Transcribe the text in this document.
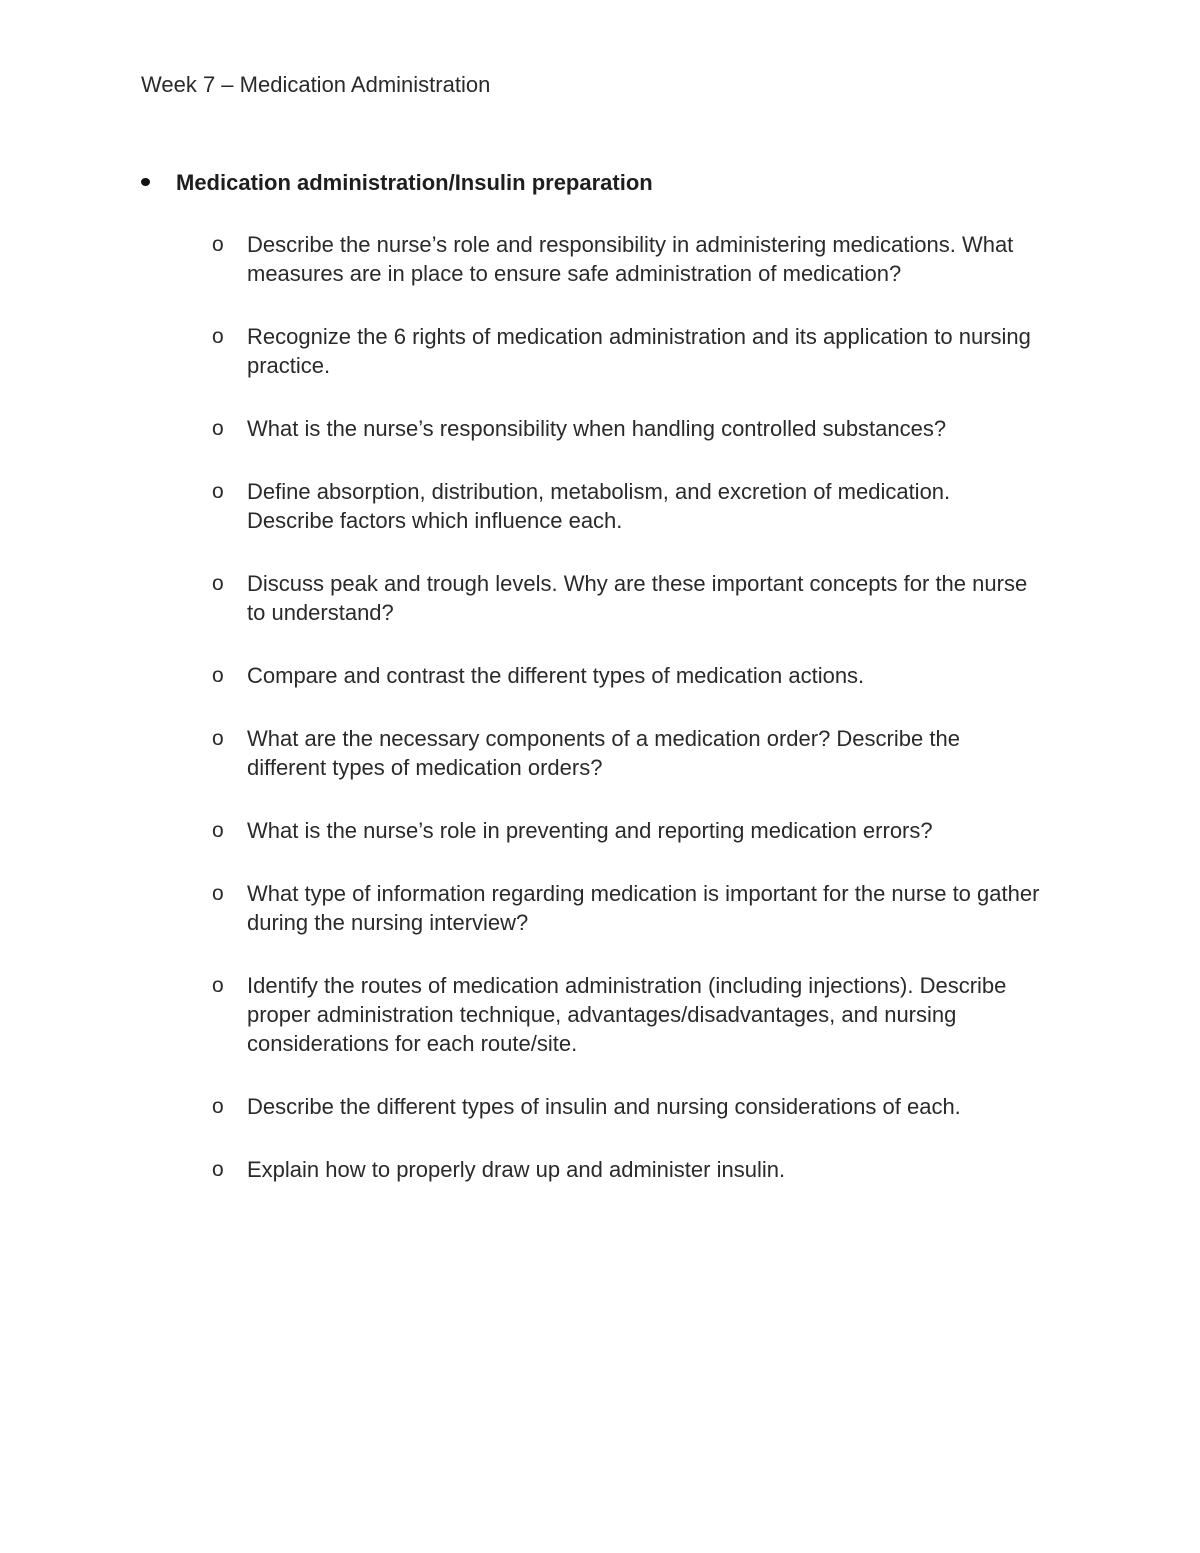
Week 7 – Medication Administration
Medication administration/Insulin preparation
o Describe the nurse’s role and responsibility in administering medications. What measures are in place to ensure safe administration of medication?
o Recognize the 6 rights of medication administration and its application to nursing practice.
o What is the nurse’s responsibility when handling controlled substances?
o Define absorption, distribution, metabolism, and excretion of medication. Describe factors which influence each.
o Discuss peak and trough levels. Why are these important concepts for the nurse to understand?
o Compare and contrast the different types of medication actions.
o What are the necessary components of a medication order? Describe the different types of medication orders?
o What is the nurse’s role in preventing and reporting medication errors?
o What type of information regarding medication is important for the nurse to gather during the nursing interview?
o Identify the routes of medication administration (including injections). Describe proper administration technique, advantages/disadvantages, and nursing considerations for each route/site.
o Describe the different types of insulin and nursing considerations of each.
o Explain how to properly draw up and administer insulin.
